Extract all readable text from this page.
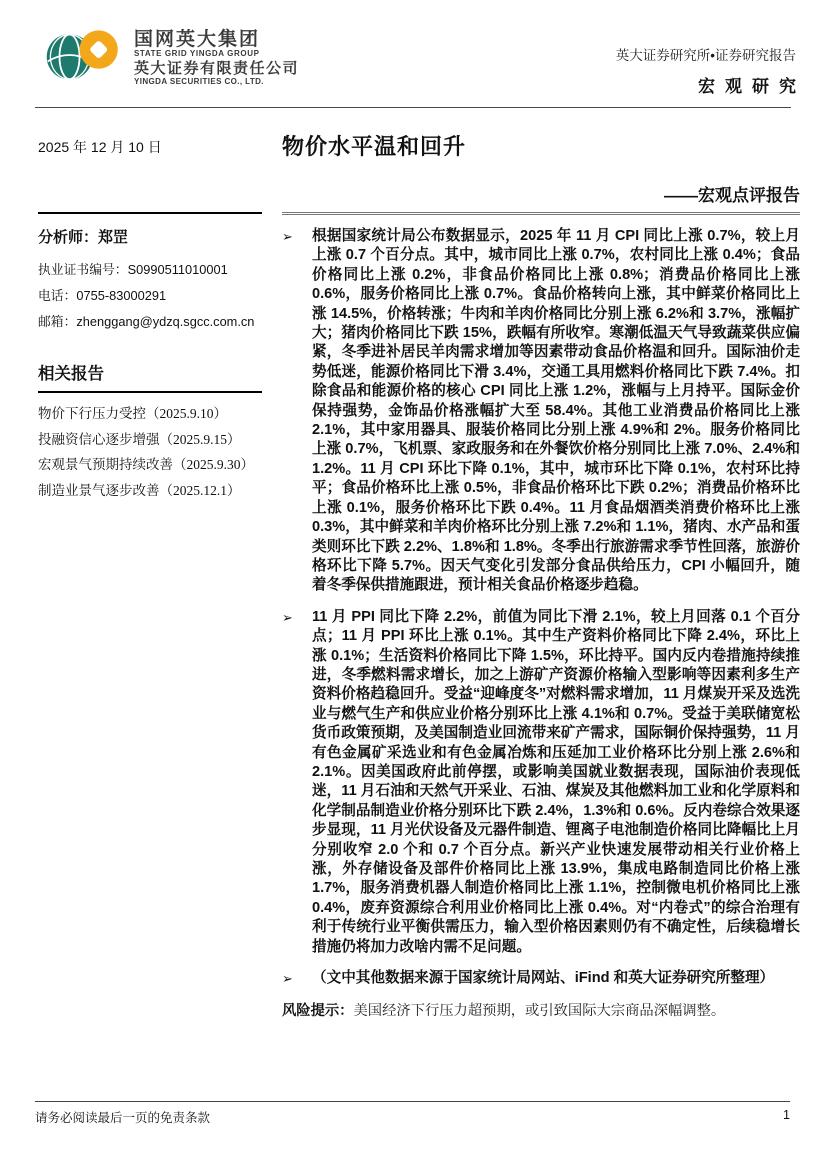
国网英大集团
STATE GRID YINGDA GROUP
英大证券有限责任公司
YINGDA SECURITIES CO., LTD.
英大证券研究所•证券研究报告
宏观研究
2025 年 12 月 10 日	物价水平温和回升
——宏观点评报告
分析师：郑罡
执业证书编号：S0990511010001
电话：0755-83000291
邮箱：zhenggang@ydzq.sgcc.com.cn
相关报告
物价下行压力受控（2025.9.10）
投融资信心逐步增强（2025.9.15）
宏观景气预期持续改善（2025.9.30）
制造业景气逐步改善（2025.12.1）
➢	根据国家统计局公布数据显示，2025 年 11 月 CPI 同比上涨 0.7%，较上月上涨 0.7 个百分点。其中，城市同比上涨 0.7%，农村同比上涨 0.4%；食品价格同比上涨 0.2%，非食品价格同比上涨 0.8%；消费品价格同比上涨 0.6%，服务价格同比上涨 0.7%。食品价格转向上涨，其中鲜菜价格同比上涨 14.5%，价格转涨；牛肉和羊肉价格同比分别上涨 6.2%和 3.7%，涨幅扩大；猪肉价格同比下跌 15%，跌幅有所收窄。寒潮低温天气导致蔬菜供应偏紧，冬季进补居民羊肉需求增加等因素带动食品价格温和回升。国际油价走势低迷，能源价格同比下滑 3.4%，交通工具用燃料价格同比下跌 7.4%。扣除食品和能源价格的核心 CPI 同比上涨 1.2%，涨幅与上月持平。国际金价保持强势，金饰品价格涨幅扩大至 58.4%。其他工业消费品价格同比上涨 2.1%，其中家用器具、服装价格同比分别上涨 4.9%和 2%。服务价格同比上涨 0.7%，飞机票、家政服务和在外餐饮价格分别同比上涨 7.0%、2.4%和 1.2%。11 月 CPI 环比下降 0.1%，其中，城市环比下降 0.1%，农村环比持平；食品价格环比上涨 0.5%，非食品价格环比下跌 0.2%；消费品价格环比上涨 0.1%，服务价格环比下跌 0.4%。11 月食品烟酒类消费价格环比上涨 0.3%，其中鲜菜和羊肉价格环比分别上涨 7.2%和 1.1%，猪肉、水产品和蛋类则环比下跌 2.2%、1.8%和 1.8%。冬季出行旅游需求季节性回落，旅游价格环比下降 5.7%。因天气变化引发部分食品供给压力，CPI 小幅回升，随着冬季保供措施跟进，预计相关食品价格逐步趋稳。
➢	11 月 PPI 同比下降 2.2%，前值为同比下滑 2.1%，较上月回落 0.1 个百分点；11 月 PPI 环比上涨 0.1%。其中生产资料价格同比下降 2.4%，环比上涨 0.1%；生活资料价格同比下降 1.5%，环比持平。国内反内卷措施持续推进，冬季燃料需求增长，加之上游矿产资源价格输入型影响等因素利多生产资料价格趋稳回升。受益“迎峰度冬”对燃料需求增加，11 月煤炭开采及选洗业与燃气生产和供应业价格分别环比上涨 4.1%和 0.7%。受益于美联储宽松货币政策预期，及美国制造业回流带来矿产需求，国际铜价保持强势，11 月有色金属矿采选业和有色金属冶炼和压延加工业价格环比分别上涨 2.6%和 2.1%。因美国政府此前停摆，或影响美国就业数据表现，国际油价表现低迷，11 月石油和天然气开采业、石油、煤炭及其他燃料加工业和化学原料和化学制品制造业价格分别环比下跌 2.4%，1.3%和 0.6%。反内卷综合效果逐步显现，11 月光伏设备及元器件制造、锂离子电池制造价格同比降幅比上月分别收窄 2.0 个和 0.7 个百分点。新兴产业快速发展带动相关行业价格上涨，外存储设备及部件价格同比上涨 13.9%，集成电路制造同比价格上涨 1.7%，服务消费机器人制造价格同比上涨 1.1%，控制微电机价格同比上涨 0.4%，废弃资源综合利用业价格同比上涨 0.4%。对“内卷式”的综合治理有利于传统行业平衡供需压力，输入型价格因素则仍有不确定性，后续稳增长措施仍将加力改啥内需不足问题。
➢	（文中其他数据来源于国家统计局网站、iFind 和英大证券研究所整理）
风险提示：美国经济下行压力超预期，或引致国际大宗商品深幅调整。
请务必阅读最后一页的免责条款	1
